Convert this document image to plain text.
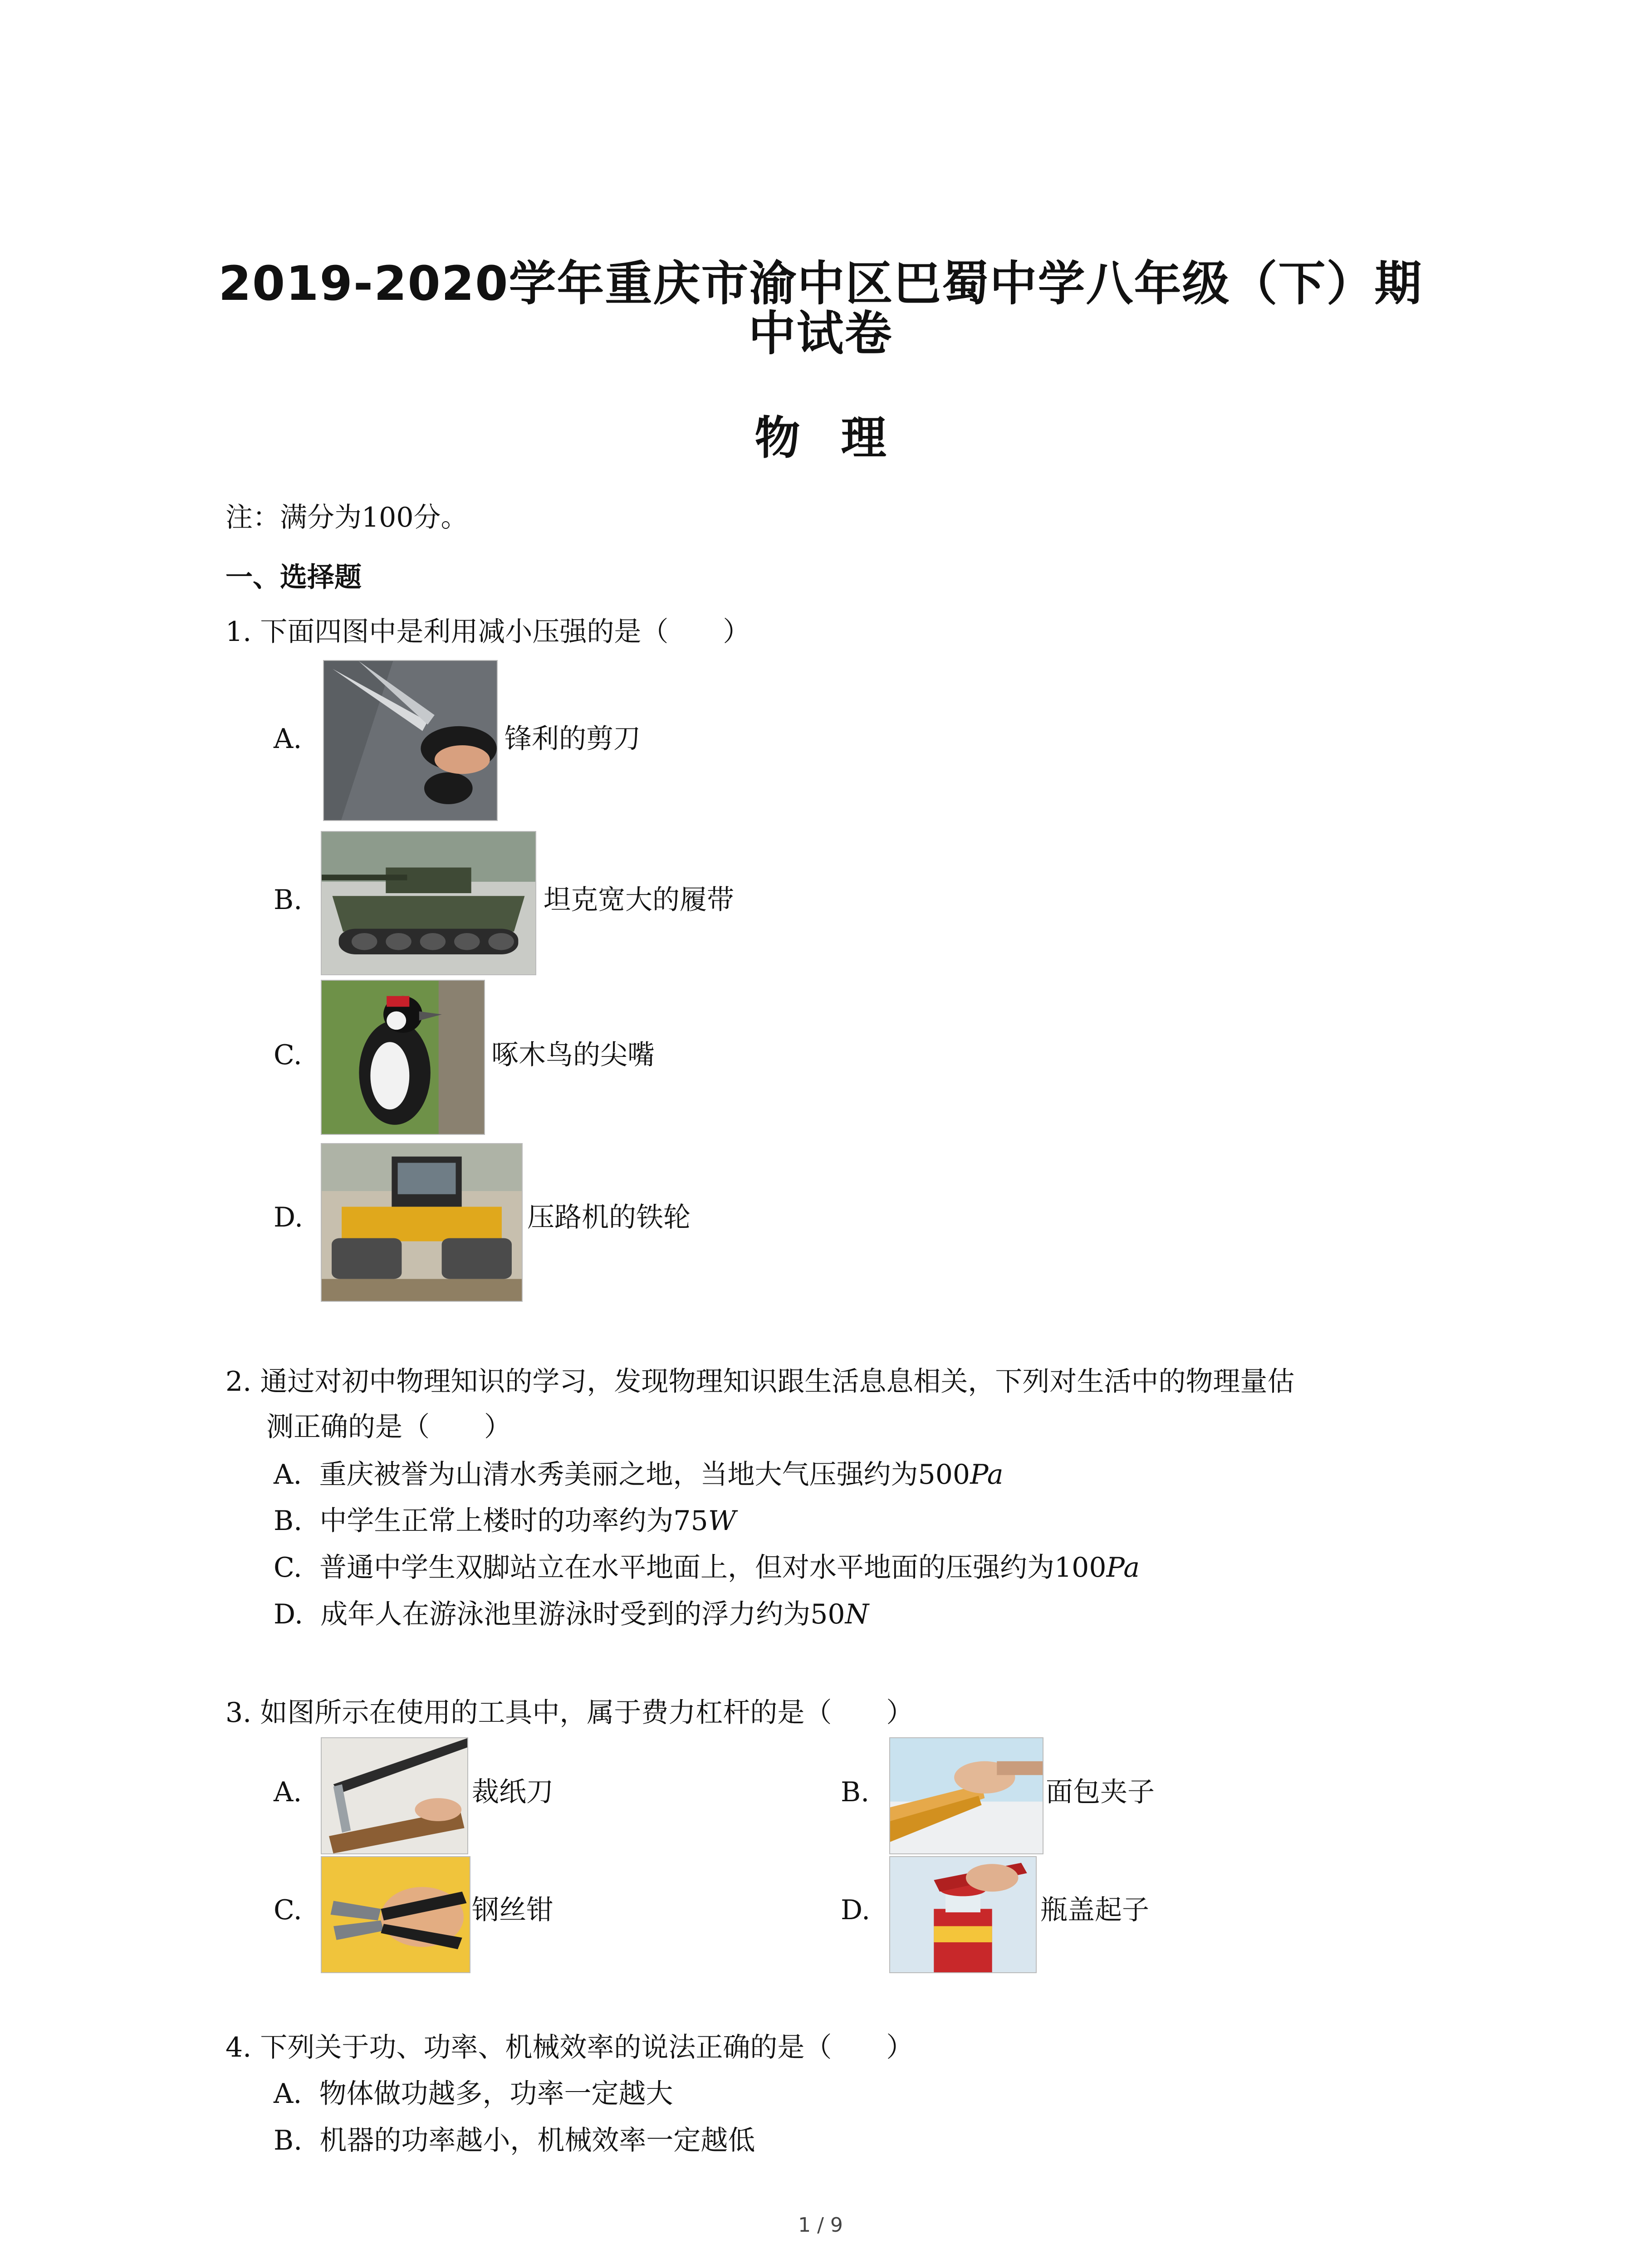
2019-2020学年重庆市渝中区巴蜀中学八年级（下）期
中试卷
物理
注：满分为100分。
一、选择题
1. 下面四图中是利用减小压强的是（　　）
A.	锋利的剪刀
B.	坦克宽大的履带
C.	啄木鸟的尖嘴
D.	压路机的铁轮
2. 通过对初中物理知识的学习，发现物理知识跟生活息息相关，下列对生活中的物理量估
测正确的是（　　）
A. 重庆被誉为山清水秀美丽之地，当地大气压强约为500Pa
B. 中学生正常上楼时的功率约为75W
C. 普通中学生双脚站立在水平地面上，但对水平地面的压强约为100Pa
D. 成年人在游泳池里游泳时受到的浮力约为50N
3. 如图所示在使用的工具中，属于费力杠杆的是（　　）
A.	裁纸刀	B.	面包夹子
C.	钢丝钳	D.	瓶盖起子
4. 下列关于功、功率、机械效率的说法正确的是（　　）
A. 物体做功越多，功率一定越大
B. 机器的功率越小，机械效率一定越低
1 / 9
